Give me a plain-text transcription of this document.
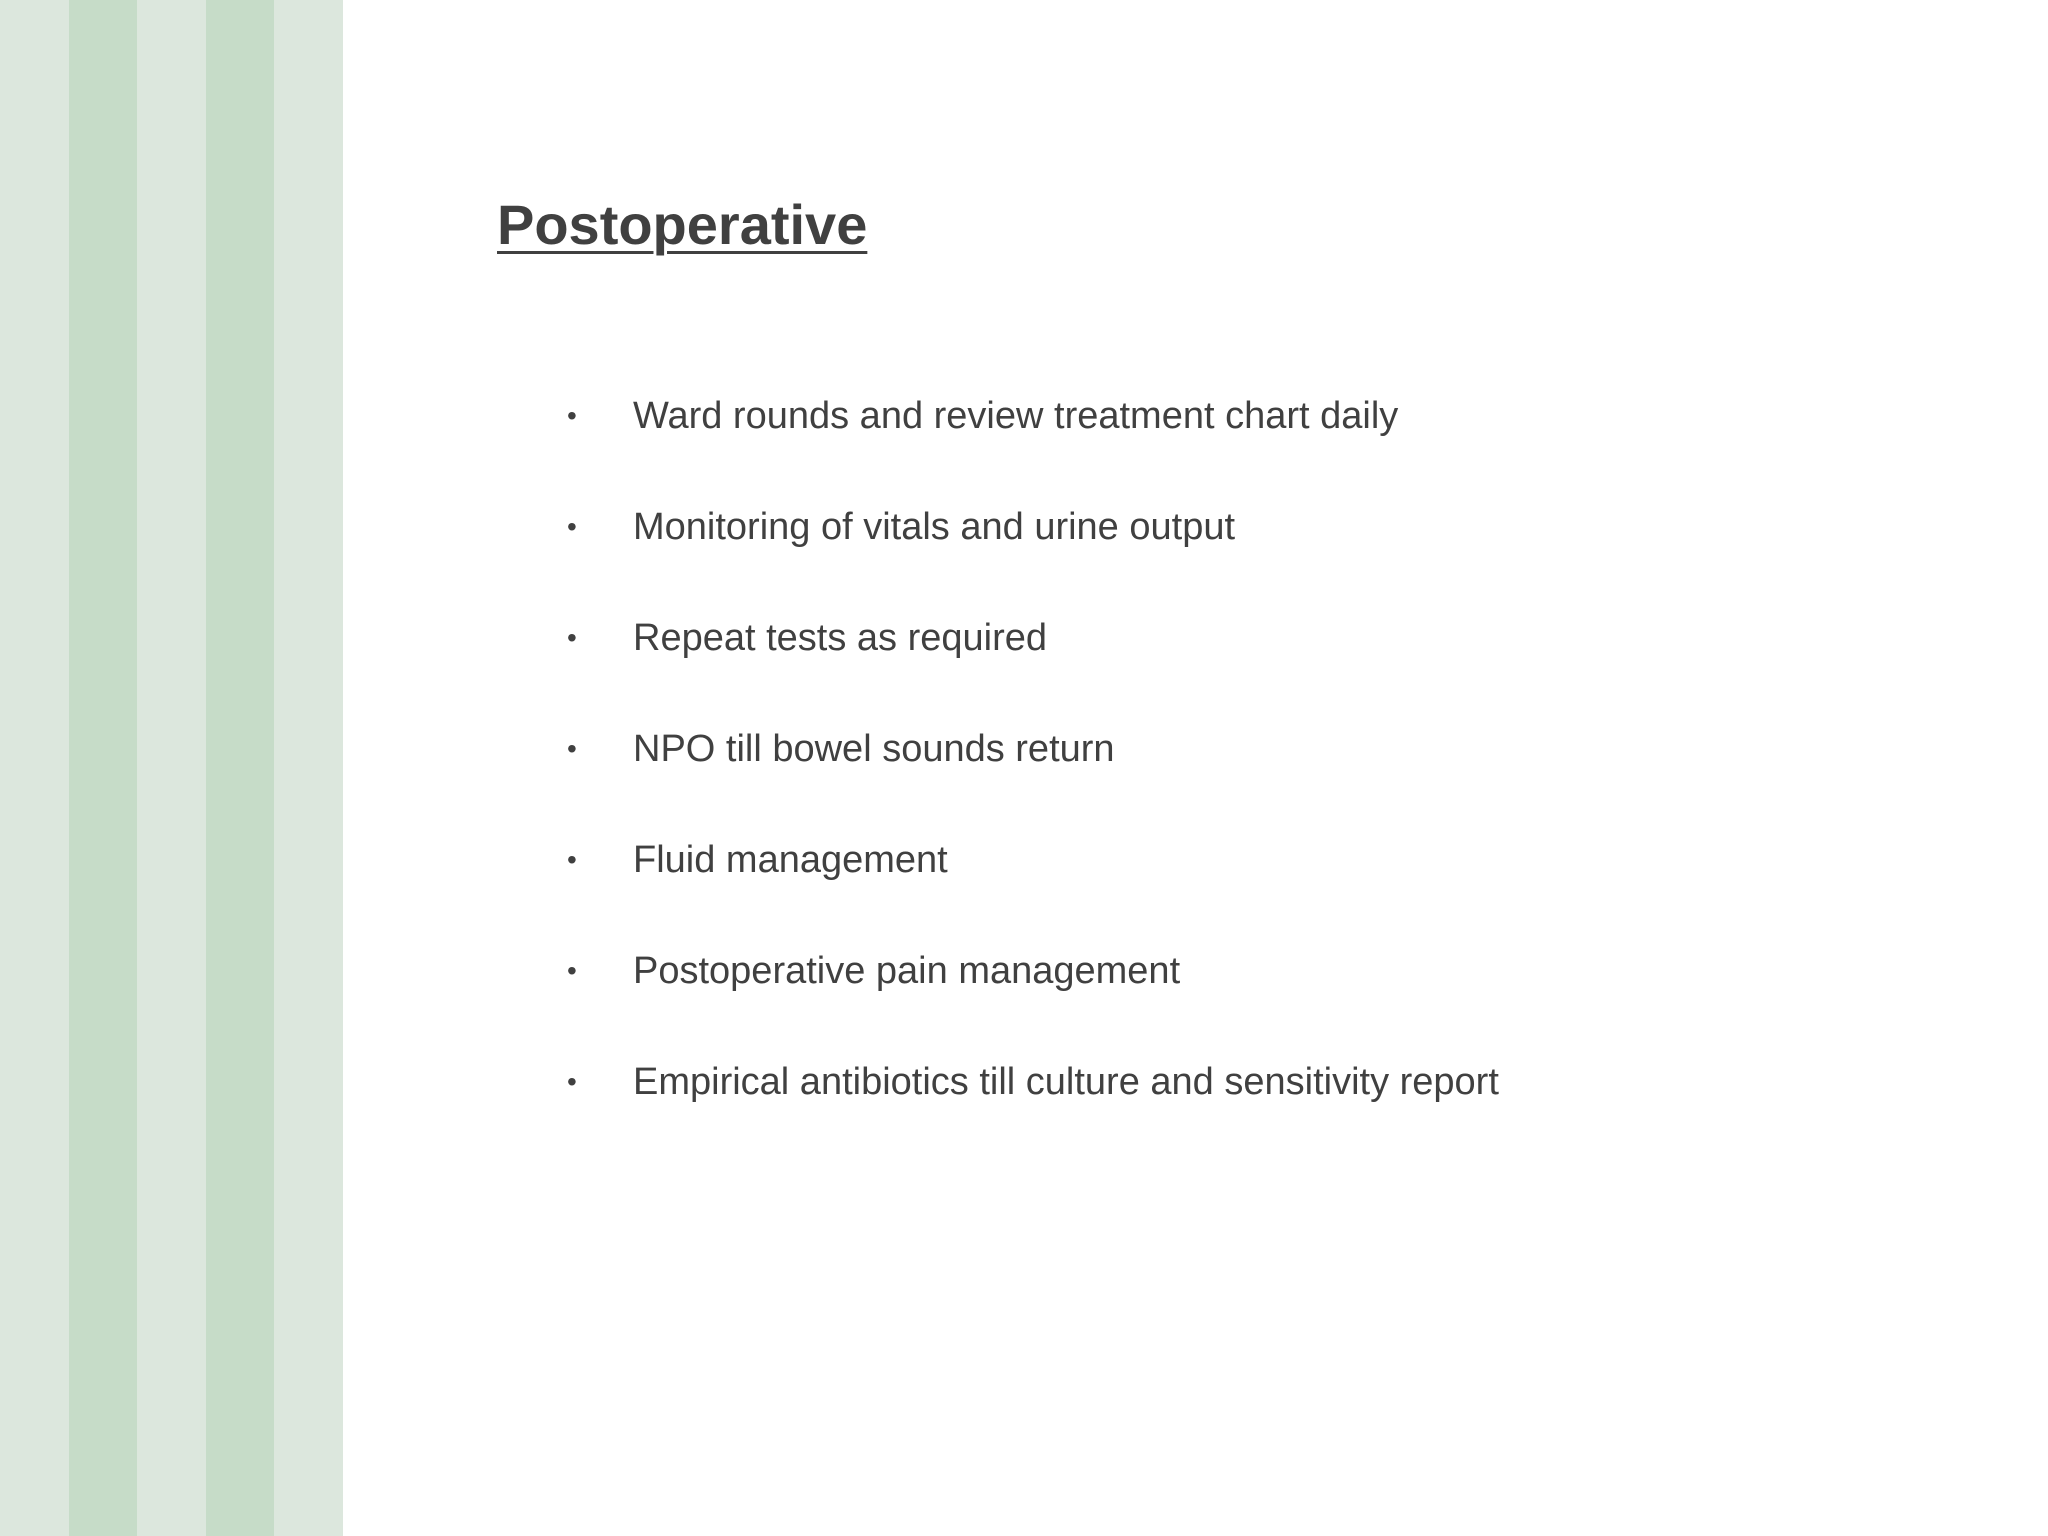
Postoperative
•	Ward rounds and review treatment chart daily
•	Monitoring of vitals and urine output
•	Repeat tests as required
•	NPO till bowel sounds return
•	Fluid management
•	Postoperative pain management
•	Empirical antibiotics till culture and sensitivity report
